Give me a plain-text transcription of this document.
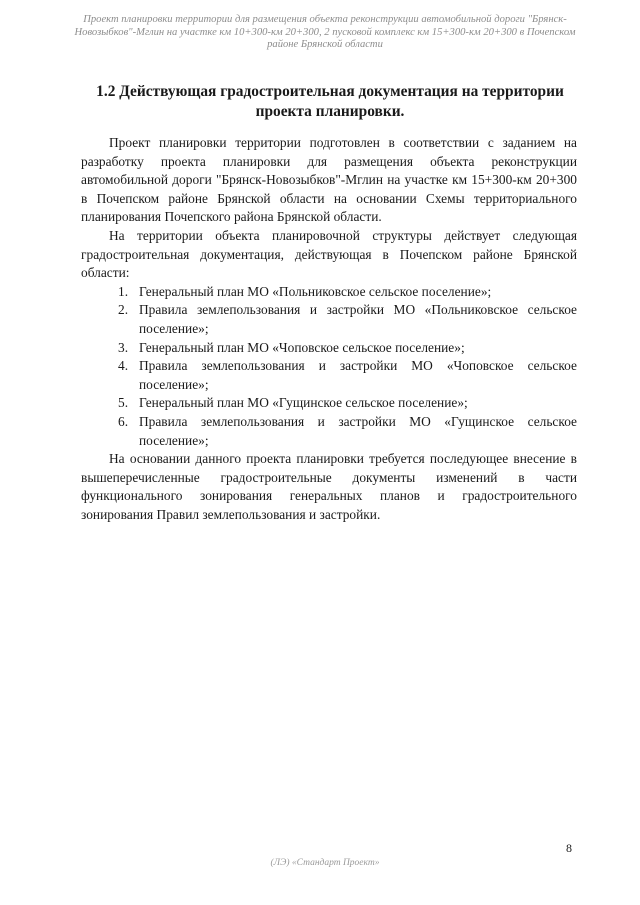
Проект планировки территории для размещения объекта реконструкции автомобильной дороги "Брянск-Новозыбков"-Мглин на участке км 10+300-км 20+300, 2 пусковой комплекс км 15+300-км 20+300 в Почепском районе Брянской области
1.2 Действующая градостроительная документация на территории проекта планировки.

Проект планировки территории подготовлен в соответствии с заданием на разработку проекта планировки для размещения объекта реконструкции автомобильной дороги "Брянск-Новозыбков"-Мглин на участке км 15+300-км 20+300 в Почепском районе Брянской области на основании Схемы территориального планирования Почепского района Брянской области.

На территории объекта планировочной структуры действует следующая градостроительная документация, действующая в Почепском районе Брянской области:

1. Генеральный план МО «Польниковское сельское поселение»;
2. Правила землепользования и застройки МО «Польниковское сельское поселение»;
3. Генеральный план МО «Чоповское сельское поселение»;
4. Правила землепользования и застройки МО «Чоповское сельское поселение»;
5. Генеральный план МО «Гущинское сельское поселение»;
6. Правила землепользования и застройки МО «Гущинское сельское поселение»;

На основании данного проекта планировки требуется последующее внесение в вышеперечисленные градостроительные документы изменений в части функционального зонирования генеральных планов и градостроительного зонирования Правил землепользования и застройки.

8
(ЛЭ) «Стандарт Проект»
